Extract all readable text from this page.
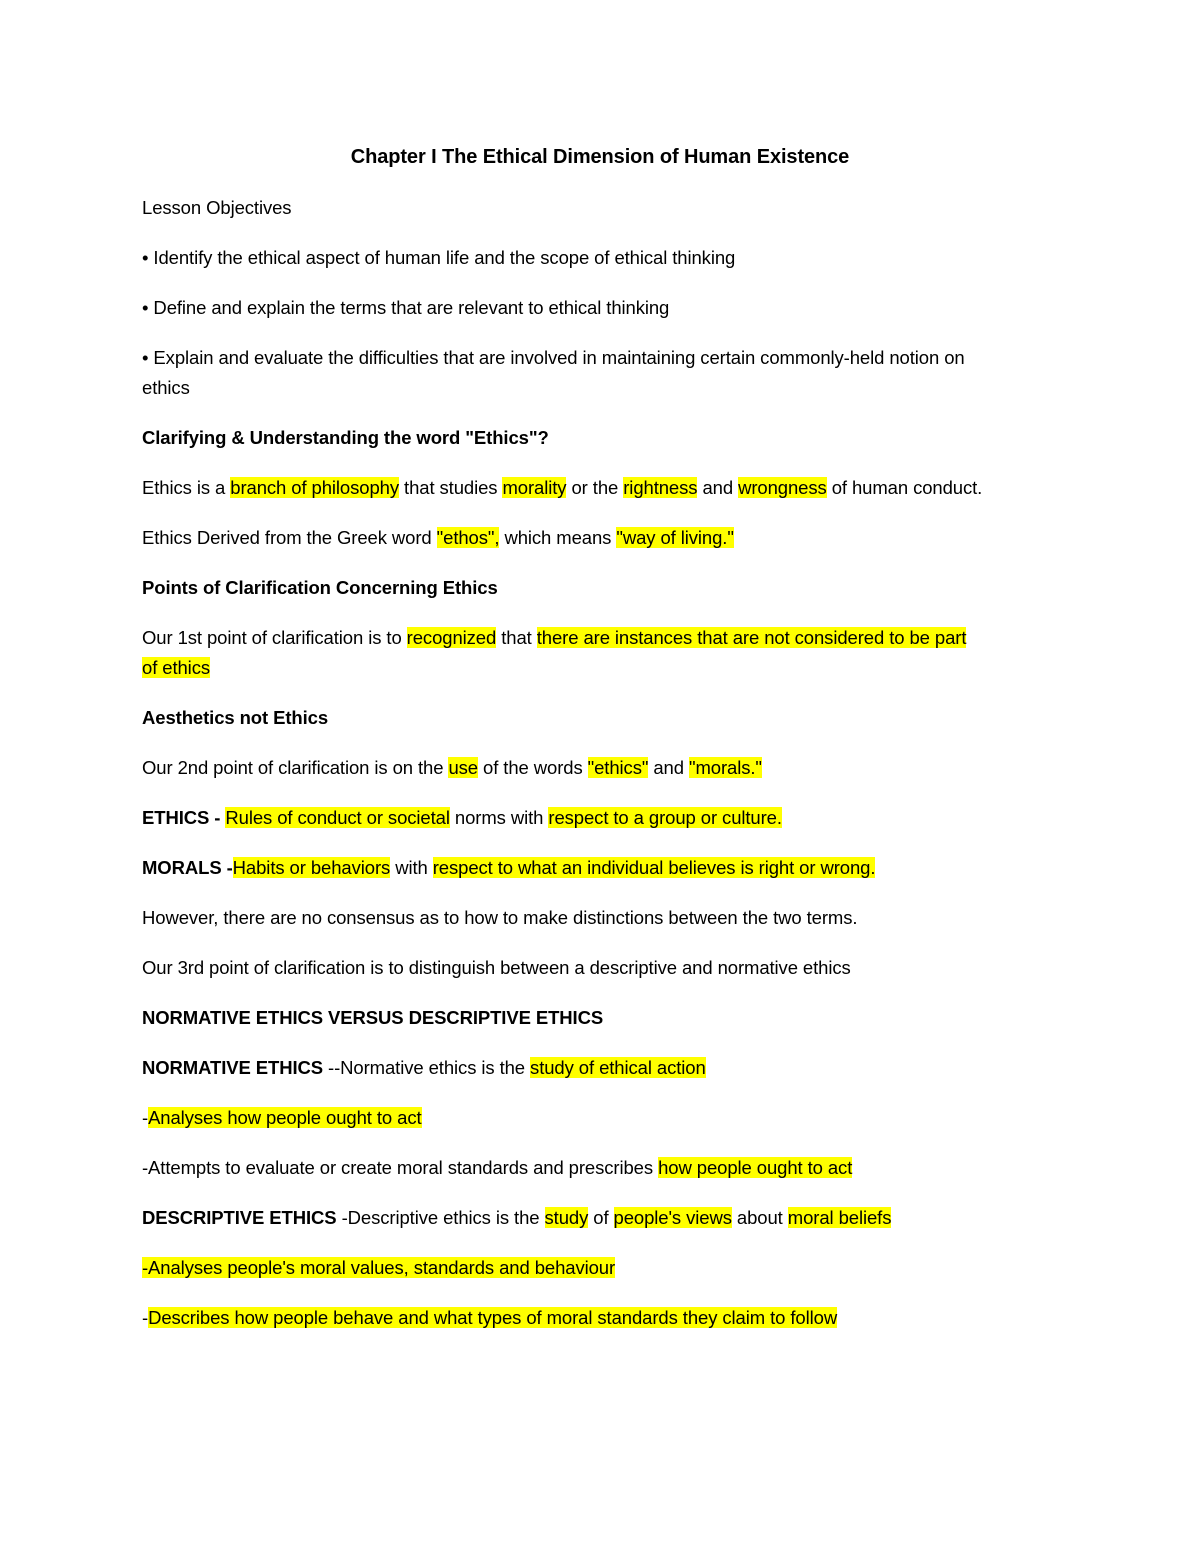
Chapter I The Ethical Dimension of Human Existence
Lesson Objectives
• Identify the ethical aspect of human life and the scope of ethical thinking
• Define and explain the terms that are relevant to ethical thinking
• Explain and evaluate the difficulties that are involved in maintaining certain commonly-held notion on
ethics
Clarifying & Understanding the word "Ethics"?
Ethics is a branch of philosophy that studies morality or the rightness and wrongness of human conduct.
Ethics Derived from the Greek word "ethos", which means "way of living."
Points of Clarification Concerning Ethics
Our 1st point of clarification is to recognized that there are instances that are not considered to be part
of ethics
Aesthetics not Ethics
Our 2nd point of clarification is on the use of the words "ethics" and "morals."
ETHICS - Rules of conduct or societal norms with respect to a group or culture.
MORALS -Habits or behaviors with respect to what an individual believes is right or wrong.
However, there are no consensus as to how to make distinctions between the two terms.
Our 3rd point of clarification is to distinguish between a descriptive and normative ethics
NORMATIVE ETHICS VERSUS DESCRIPTIVE ETHICS
NORMATIVE ETHICS --Normative ethics is the study of ethical action
-Analyses how people ought to act
-Attempts to evaluate or create moral standards and prescribes how people ought to act
DESCRIPTIVE ETHICS -Descriptive ethics is the study of people's views about moral beliefs
-Analyses people's moral values, standards and behaviour
-Describes how people behave and what types of moral standards they claim to follow
